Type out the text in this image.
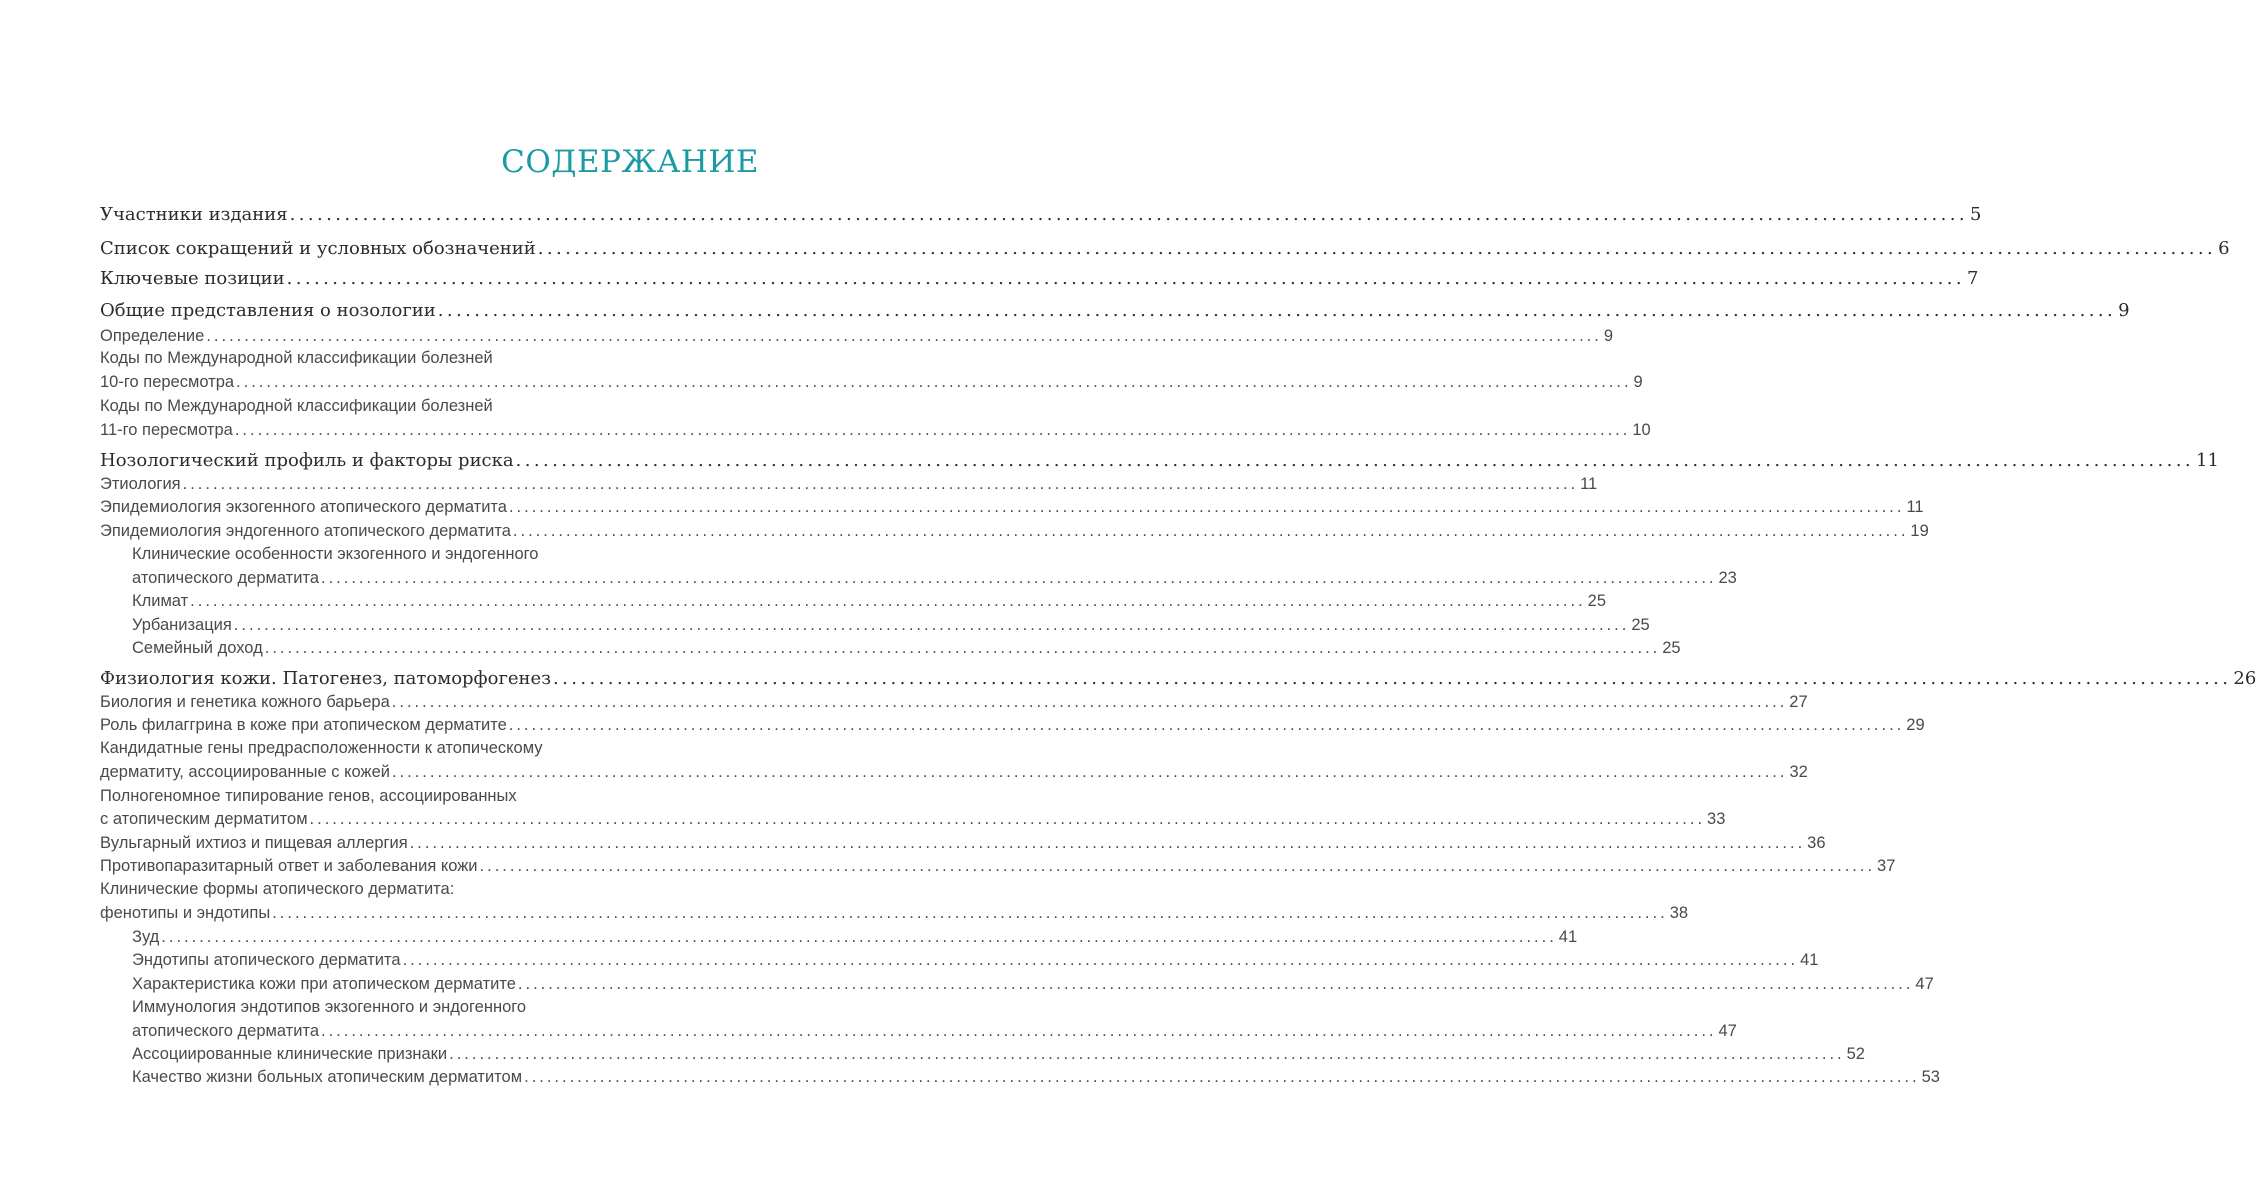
СОДЕРЖАНИЕ
Участники издания .....	5
Список сокращений и условных обозначений .....	6
Ключевые позиции .....	7
Общие представления о нозологии .....	9
Определение .....	9
Коды по Международной классификации болезней
10-го пересмотра .....	9
Коды по Международной классификации болезней
11-го пересмотра .....	10
Нозологический профиль и факторы риска .....	11
Этиология .....	11
Эпидемиология экзогенного атопического дерматита .....	11
Эпидемиология эндогенного атопического дерматита .....	19
Клинические особенности экзогенного и эндогенного
атопического дерматита .....	23
Климат .....	25
Урбанизация .....	25
Семейный доход .....	25
Физиология кожи. Патогенез, патоморфогенез .....	26
Биология и генетика кожного барьера .....	27
Роль филаггрина в коже при атопическом дерматите .....	29
Кандидатные гены предрасположенности к атопическому
дерматиту, ассоциированные с кожей .....	32
Полногеномное типирование генов, ассоциированных
с атопическим дерматитом .....	33
Вульгарный ихтиоз и пищевая аллергия .....	36
Противопаразитарный ответ и заболевания кожи .....	37
Клинические формы атопического дерматита:
фенотипы и эндотипы .....	38
Зуд .....	41
Эндотипы атопического дерматита .....	41
Характеристика кожи при атопическом дерматите .....	47
Иммунология эндотипов экзогенного и эндогенного
атопического дерматита .....	47
Ассоциированные клинические признаки .....	52
Качество жизни больных атопическим дерматитом .....	53
